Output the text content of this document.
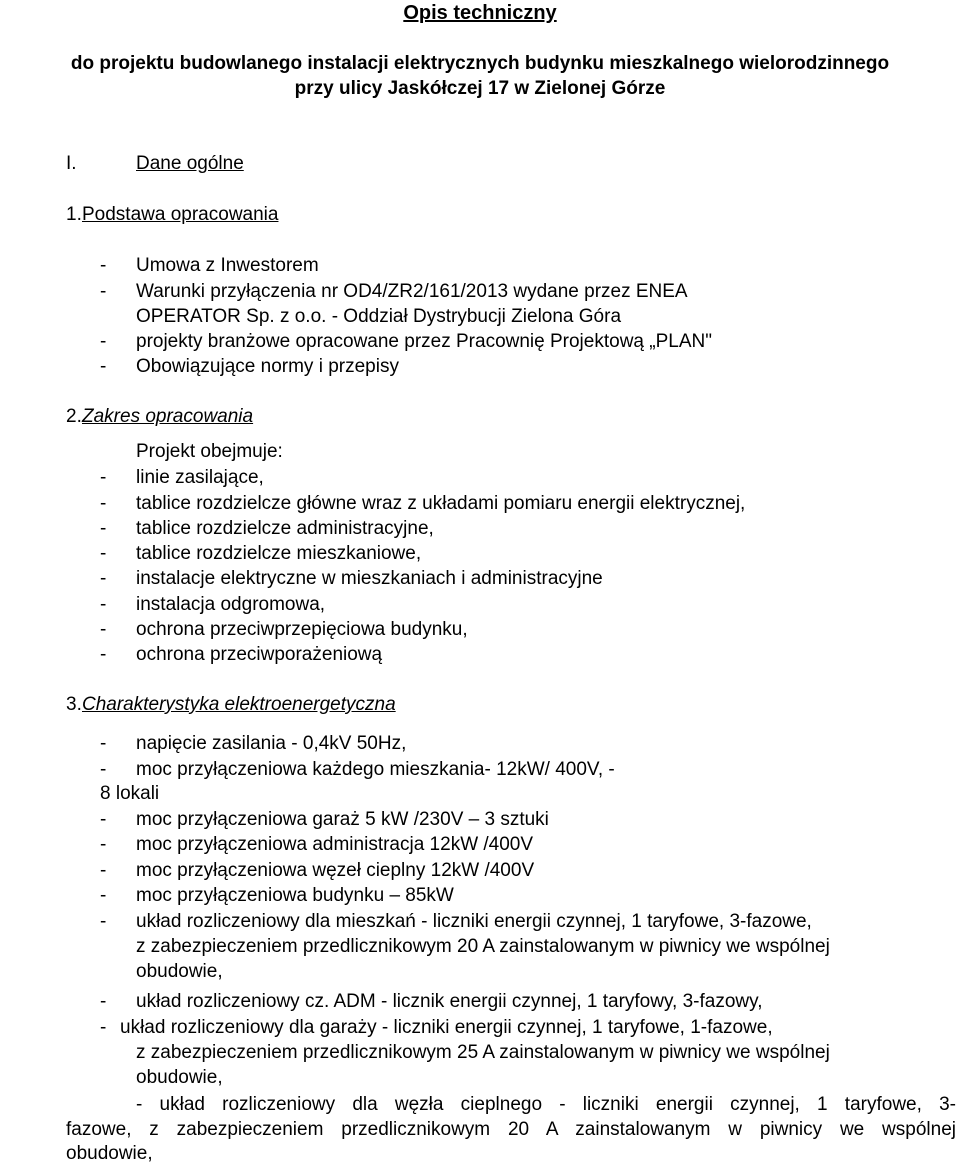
Opis techniczny
do projektu budowlanego instalacji elektrycznych budynku mieszkalnego wielorodzinnego
przy ulicy Jaskółczej 17 w Zielonej Górze
I.	Dane ogólne
1. Podstawa opracowania
- Umowa z Inwestorem
- Warunki przyłączenia nr OD4/ZR2/161/2013 wydane przez ENEA
OPERATOR Sp. z o.o. - Oddział Dystrybucji Zielona Góra
- projekty branżowe opracowane przez Pracownię Projektową „PLAN"
- Obowiązujące normy i przepisy
2. Zakres opracowania
Projekt obejmuje:
- linie zasilające,
- tablice rozdzielcze główne wraz z układami pomiaru energii elektrycznej,
- tablice rozdzielcze administracyjne,
- tablice rozdzielcze mieszkaniowe,
- instalacje elektryczne w mieszkaniach i administracyjne
- instalacja odgromowa,
- ochrona przeciwprzepięciowa budynku,
- ochrona przeciwporażeniową
3. Charakterystyka elektroenergetyczna
- napięcie zasilania - 0,4kV 50Hz,
- moc przyłączeniowa każdego mieszkania- 12kW/ 400V, -
8 lokali
- moc przyłączeniowa garaż 5 kW /230V – 3 sztuki
- moc przyłączeniowa administracja 12kW /400V
- moc przyłączeniowa węzeł cieplny 12kW /400V
- moc przyłączeniowa budynku – 85kW
- układ rozliczeniowy dla mieszkań - liczniki energii czynnej, 1 taryfowe, 3-fazowe,
z zabezpieczeniem przedlicznikowym 20 A zainstalowanym w piwnicy we wspólnej
obudowie,
- układ rozliczeniowy cz. ADM - licznik energii czynnej, 1 taryfowy, 3-fazowy,
- układ rozliczeniowy dla garaży - liczniki energii czynnej, 1 taryfowe, 1-fazowe,
z zabezpieczeniem przedlicznikowym 25 A zainstalowanym w piwnicy we wspólnej
obudowie,
- układ rozliczeniowy dla węzła cieplnego - liczniki energii czynnej, 1 taryfowe, 3-
fazowe, z zabezpieczeniem przedlicznikowym 20 A zainstalowanym w piwnicy we wspólnej
obudowie,
